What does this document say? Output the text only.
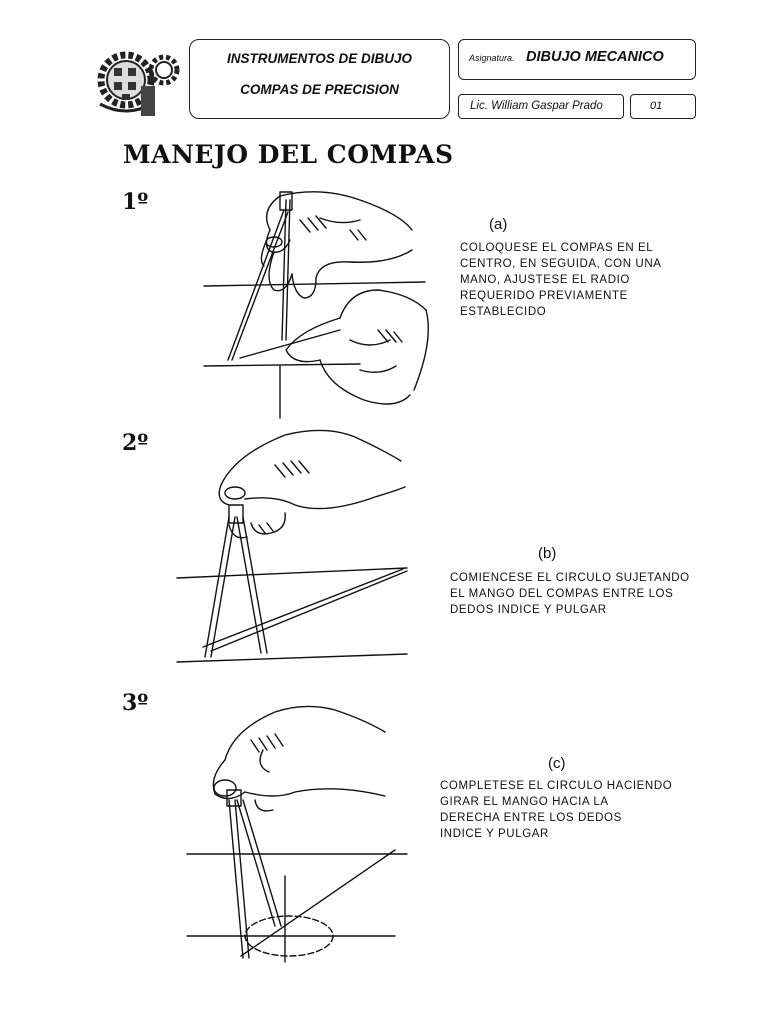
INSTRUMENTOS DE DIBUJO
COMPAS DE PRECISION
Asignatura. DIBUJO MECANICO
Lic. William Gaspar Prado	01
MANEJO DEL COMPAS
1º
(a)
COLOQUESE EL COMPAS EN EL
CENTRO, EN SEGUIDA, CON UNA
MANO, AJUSTESE EL RADIO
REQUERIDO PREVIAMENTE
ESTABLECIDO
2º
(b)
COMIENCESE EL CIRCULO SUJETANDO
EL MANGO DEL COMPAS ENTRE LOS
DEDOS INDICE Y PULGAR
3º
(c)
COMPLETESE EL CIRCULO HACIENDO
GIRAR EL MANGO HACIA LA
DERECHA ENTRE LOS DEDOS
INDICE Y PULGAR
